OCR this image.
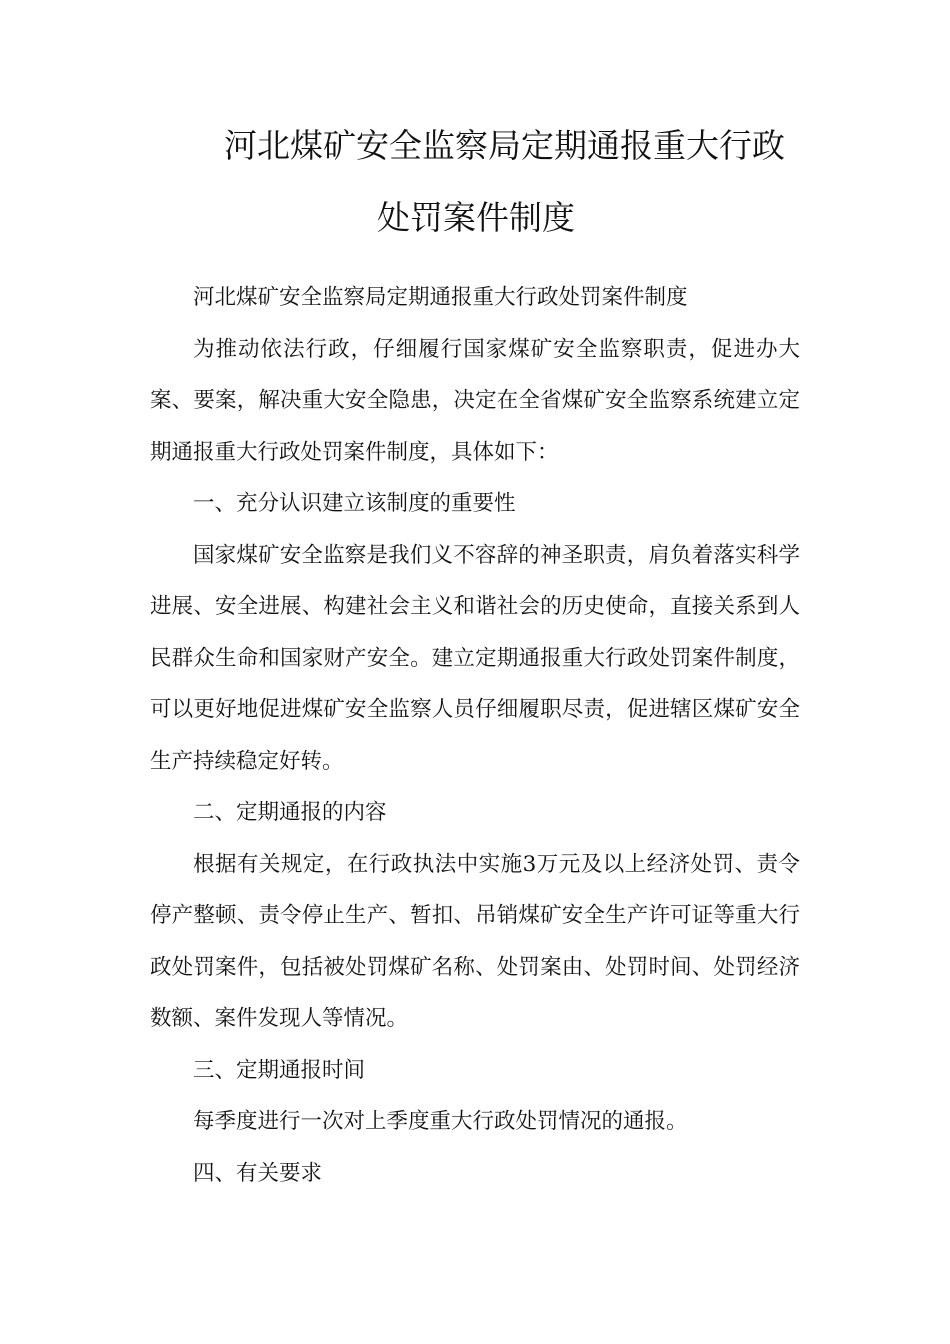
河北煤矿安全监察局定期通报重大行政
处罚案件制度

河北煤矿安全监察局定期通报重大行政处罚案件制度

为推动依法行政，仔细履行国家煤矿安全监察职责，促进办大案、要案，解决重大安全隐患，决定在全省煤矿安全监察系统建立定期通报重大行政处罚案件制度，具体如下：

一、充分认识建立该制度的重要性

国家煤矿安全监察是我们义不容辞的神圣职责，肩负着落实科学进展、安全进展、构建社会主义和谐社会的历史使命，直接关系到人民群众生命和国家财产安全。建立定期通报重大行政处罚案件制度，可以更好地促进煤矿安全监察人员仔细履职尽责，促进辖区煤矿安全生产持续稳定好转。

二、定期通报的内容

根据有关规定，在行政执法中实施3万元及以上经济处罚、责令停产整顿、责令停止生产、暂扣、吊销煤矿安全生产许可证等重大行政处罚案件，包括被处罚煤矿名称、处罚案由、处罚时间、处罚经济数额、案件发现人等情况。

三、定期通报时间

每季度进行一次对上季度重大行政处罚情况的通报。

四、有关要求
